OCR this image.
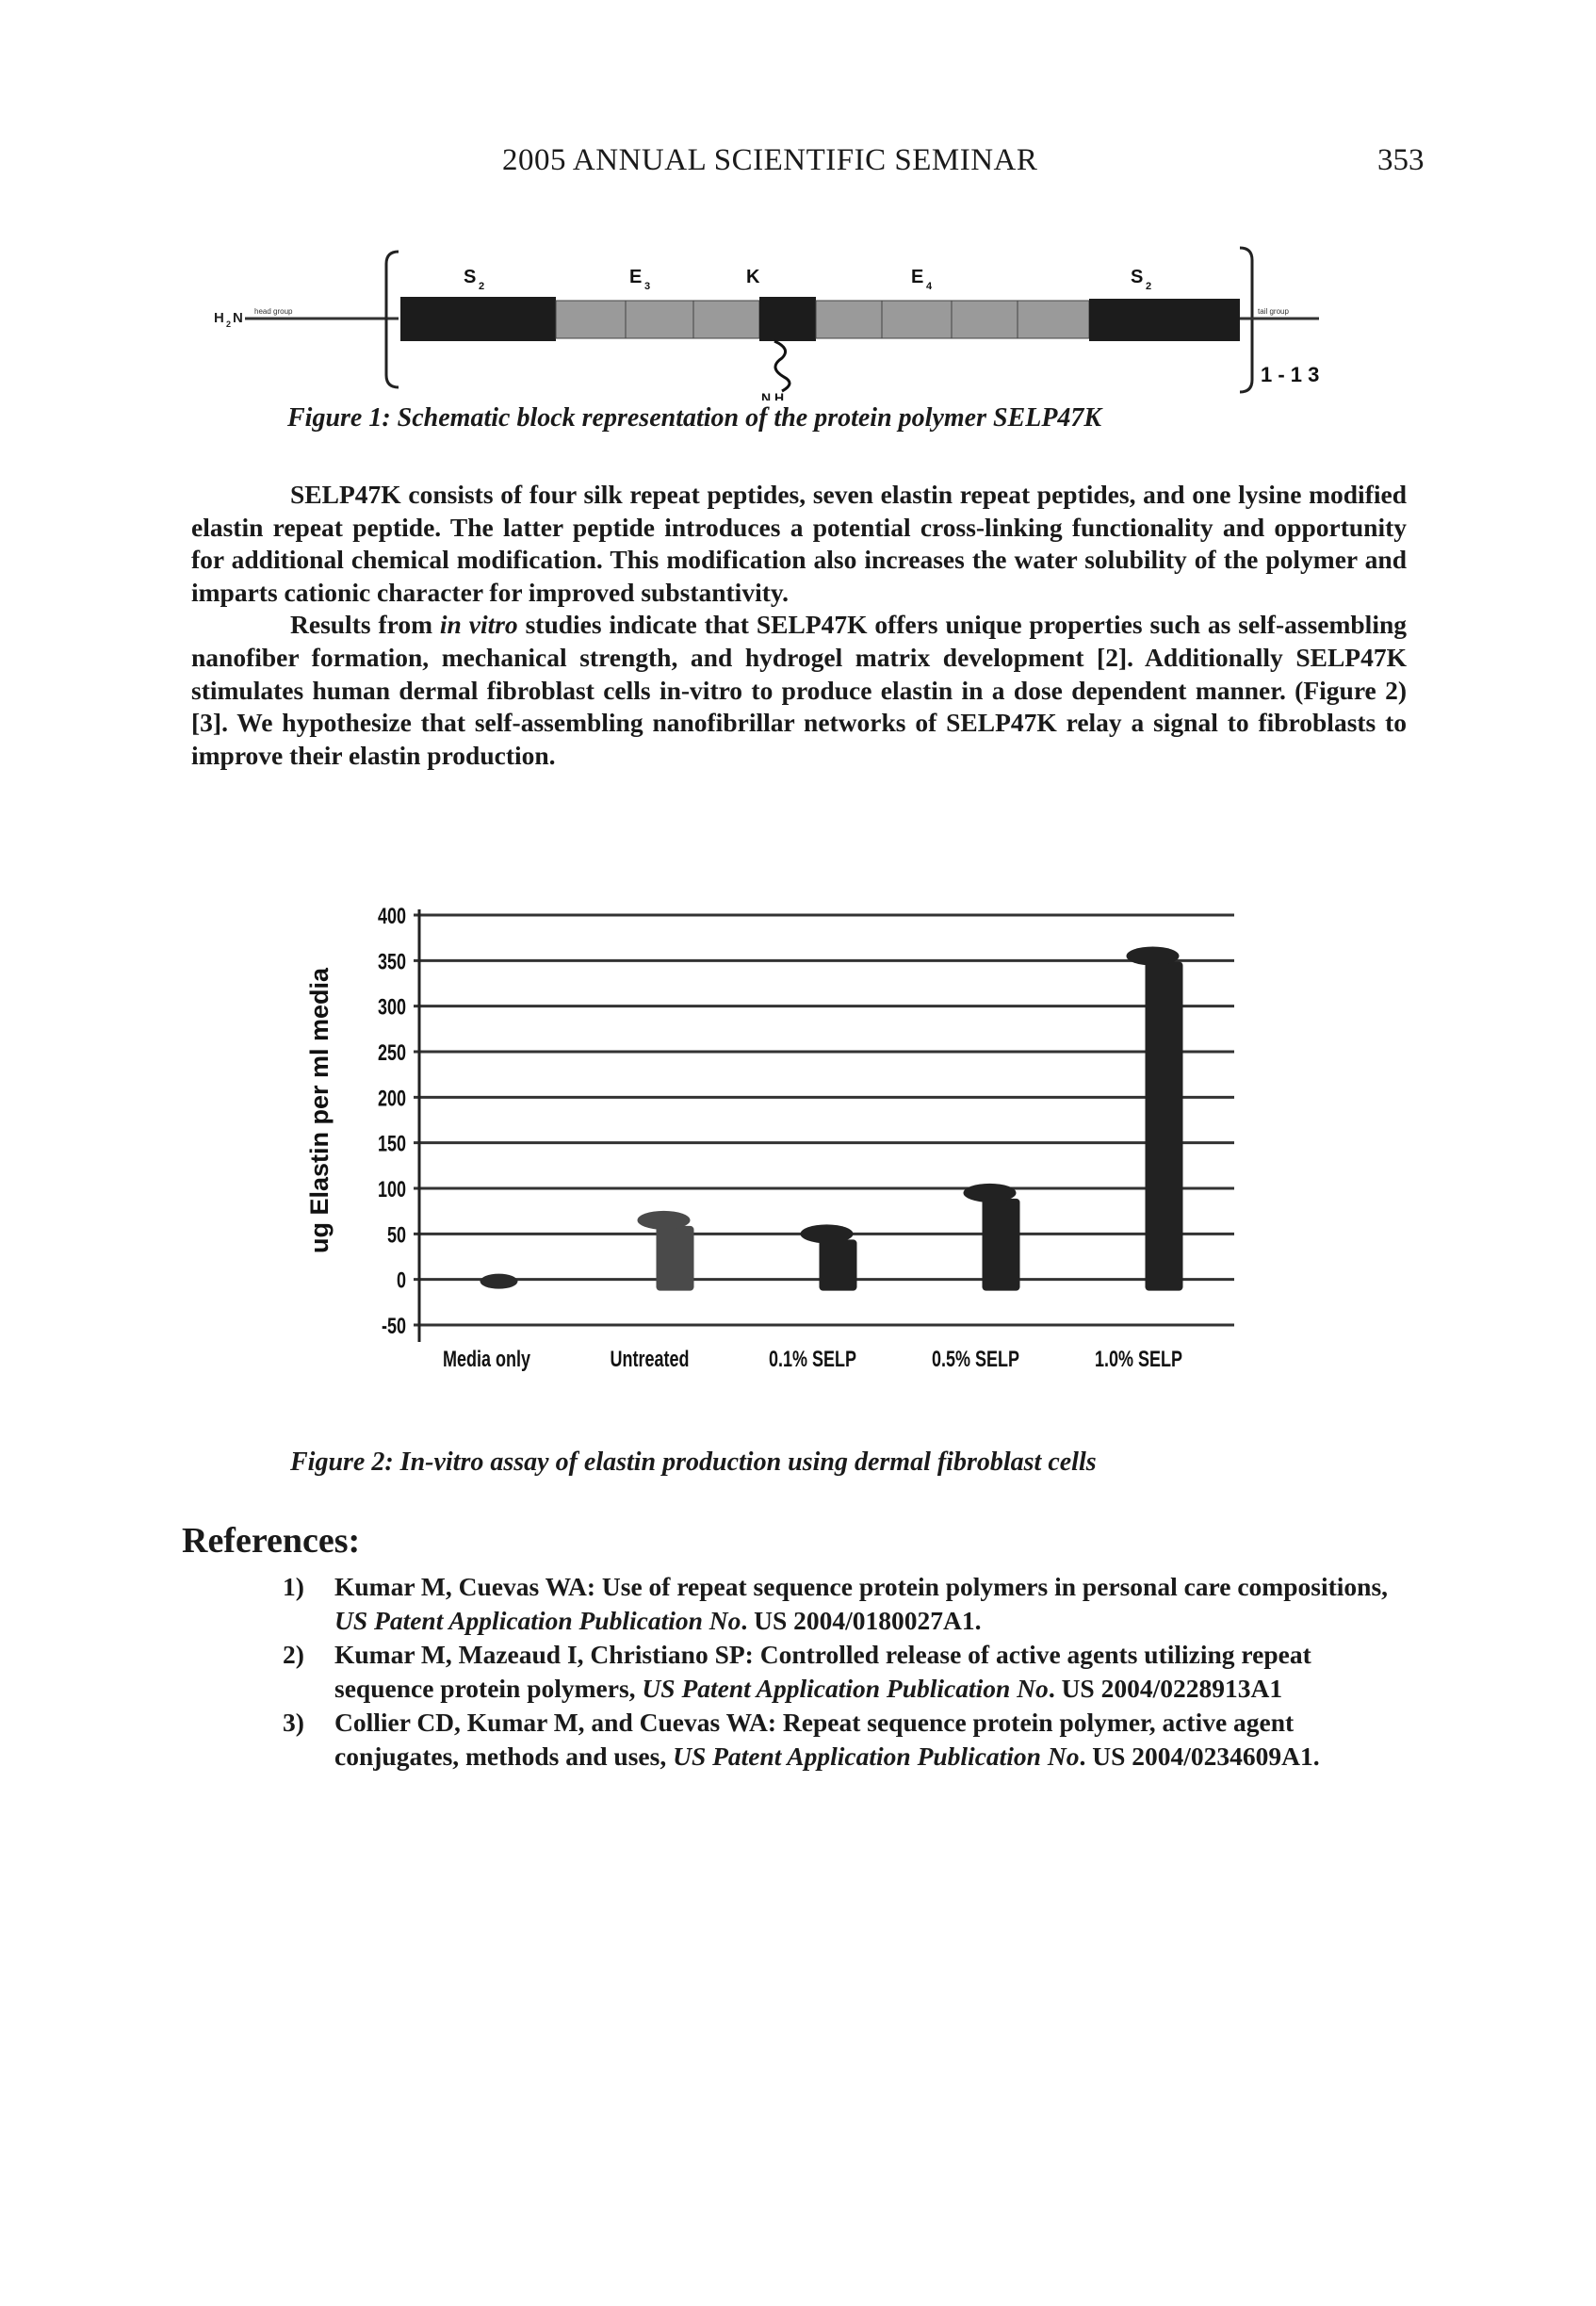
2005 ANNUAL SCIENTIFIC SEMINAR	353
H 2 N head group
S 2	E 3	K	E 4	S 2
N H
tail group
1 - 1 3
Figure 1: Schematic block representation of the protein polymer SELP47K

SELP47K consists of four silk repeat peptides, seven elastin repeat peptides, and one lysine modified elastin repeat peptide. The latter peptide introduces a potential cross-linking functionality and opportunity for additional chemical modification. This modification also increases the water solubility of the polymer and imparts cationic character for improved substantivity.

Results from in vitro studies indicate that SELP47K offers unique properties such as self-assembling nanofiber formation, mechanical strength, and hydrogel matrix development [2]. Additionally SELP47K stimulates human dermal fibroblast cells in-vitro to produce elastin in a dose dependent manner. (Figure 2) [3]. We hypothesize that self-assembling nanofibrillar networks of SELP47K relay a signal to fibroblasts to improve their elastin production.

-50
0
50
100
150
200
250
300
350
400
ug Elastin per ml media
Media only	Untreated	0.1% SELP	0.5% SELP	1.0% SELP
Figure 2: In-vitro assay of elastin production using dermal fibroblast cells
References:
1) Kumar M, Cuevas WA: Use of repeat sequence protein polymers in personal care compositions, US Patent Application Publication No. US 2004/0180027A1.
2) Kumar M, Mazeaud I, Christiano SP: Controlled release of active agents utilizing repeat sequence protein polymers, US Patent Application Publication No. US 2004/0228913A1
3) Collier CD, Kumar M, and Cuevas WA: Repeat sequence protein polymer, active agent conjugates, methods and uses, US Patent Application Publication No. US 2004/0234609A1.
